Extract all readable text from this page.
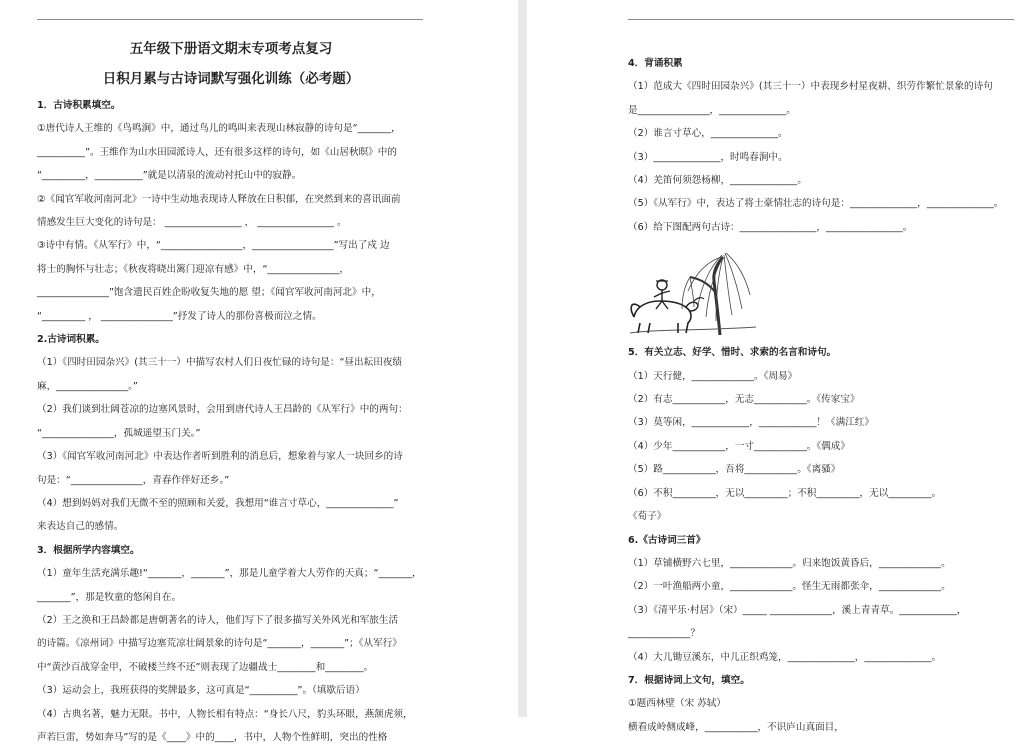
五年级下册语文期末专项考点复习
日积月累与古诗词默写强化训练（必考题）
1．古诗积累填空。
①唐代诗人王维的《鸟鸣涧》中，通过鸟儿的鸣叫来表现山林寂静的诗句是“_______，
__________”。王维作为山水田园派诗人，还有很多这样的诗句，如《山居秋暝》中的
“_________，__________”就是以清泉的流动衬托山中的寂静。
②《闻官军收河南河北》一诗中生动地表现诗人释放在日积郁，在突然到来的喜讯面前
情感发生巨大变化的诗句是： ________________ ， ________________ 。
③诗中有情。《从军行》中，“_________________，_________________”写出了戍 边
将士的胸怀与壮志；《秋夜将晓出篱门迎凉有感》中，“_______________，
_______________”饱含遗民百姓企盼收复失地的愿 望；《闻官军收河南河北》中，
“_________ ， _______________”抒发了诗人的那份喜极而泣之情。
2.古诗词积累。
（1）《四时田园杂兴》(其三十一）中描写农村人们日夜忙碌的诗句是：“昼出耘田夜绩
麻，_______________。”
（2）我们谈到壮阔苍凉的边塞风景时，会用到唐代诗人王昌龄的《从军行》中的两句：
“_______________，孤城遥望玉门关。”
（3）《闻官军收河南河北》中表达作者听到胜利的消息后，想象着与家人一块回乡的诗
句是：“_______________，青春作伴好还乡。”
（4）想到妈妈对我们无微不至的照顾和关爱，我想用“谁言寸草心，______________”
来表达自己的感情。
3．根据所学内容填空。
（1）童年生活充满乐趣!“_______，_______”，那是儿童学着大人劳作的天真；“_______，
_______”，那是牧童的悠闲自在。
（2）王之涣和王昌龄都是唐朝著名的诗人，他们写下了很多描写关外风光和军旅生活
的诗篇。《凉州词》中描写边塞荒凉壮阔景象的诗句是“_______，_______”；《从军行》
中“黄沙百战穿金甲，不破楼兰终不还”则表现了边疆战士________和________。
（3）运动会上，我班获得的奖牌最多，这可真是“__________”。（填歇后语）
（4）古典名著，魅力无限。书中，人物长相有特点：“身长八尺，豹头环眼，燕颔虎须，
声若巨雷，势如奔马”写的是《____》中的____，书中，人物个性鲜明，突出的性格
4．背诵积累
（1）范成大《四时田园杂兴》(其三十一）中表现乡村星夜耕、织劳作繁忙景象的诗句
是_______________，______________。
（2）谁言寸草心，______________。
（3）______________，时鸣春涧中。
（4）羌笛何须怨杨柳，______________。
（5）《从军行》中，表达了将士豪情壮志的诗句是：______________，______________。
（6）给下图配两句古诗：________________，________________。
5．有关立志、好学、惜时、求索的名言和诗句。
（1）天行健，_____________。《周易》
（2）有志___________，无志___________。《传家宝》
（3）莫等闲，____________，____________！《满江红》
（4）少年___________，一寸___________。《偶成》
（5）路___________，吾将___________。《离骚》
（6）不积_________，无以_________；不积_________，无以_________。
《荀子》
6.《古诗词三首》
（1）草铺横野六七里，_____________。归来饱饭黄昏后，_____________。
（2）一叶渔船两小童，_____________。怪生无雨都张伞，_____________。
（3）《清平乐·村居》（宋）_____ _____________，溪上青青草。____________，
_____________？
（4）大儿锄豆溪东，中儿正织鸡笼，______________，______________。
7．根据诗词上文句，填空。
①题西林壁（宋 苏轼）
横看成岭侧成峰，___________，不识庐山真面目，
